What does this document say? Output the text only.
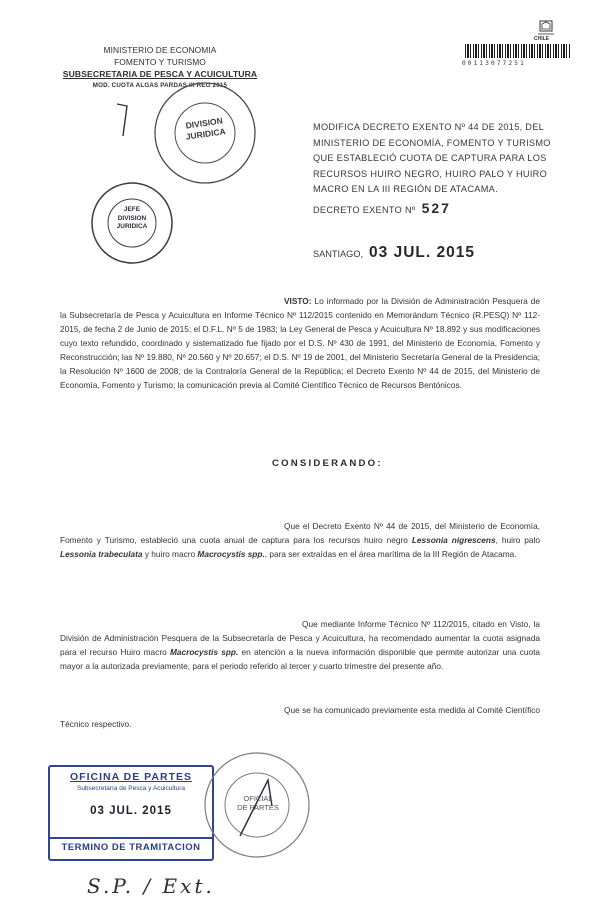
MINISTERIO DE ECONOMIA
FOMENTO Y TURISMO
SUBSECRETARIA DE PESCA Y ACUICULTURA
MOD. CUOTA ALGAS PARDAS III REG 2015
CHILE
00113077251
DIVISION
JURIDICA
JEFE
DIVISION
JURIDICA
MODIFICA DECRETO EXENTO Nº 44 DE 2015, DEL MINISTERIO DE ECONOMÍA, FOMENTO Y TURISMO QUE ESTABLECIÓ CUOTA DE CAPTURA PARA LOS RECURSOS HUIRO NEGRO, HUIRO PALO Y HUIRO MACRO EN LA III REGIÓN DE ATACAMA.
DECRETO EXENTO Nº 527
SANTIAGO, 03 JUL. 2015
VISTO: Lo informado por la División de Administración Pesquera de la Subsecretaría de Pesca y Acuicultura en Informe Técnico Nº 112/2015 contenido en Memorándum Técnico (R.PESQ) Nº 112-2015, de fecha 2 de Junio de 2015; el D.F.L. Nº 5 de 1983; la Ley General de Pesca y Acuicultura Nº 18.892 y sus modificaciones cuyo texto refundido, coordinado y sistematizado fue fijado por el D.S. Nº 430 de 1991, del Ministerio de Economía, Fomento y Reconstrucción; las Nº 19.880, Nº 20.560 y Nº 20.657; el D.S. Nº 19 de 2001, del Ministerio Secretaría General de la Presidencia; la Resolución Nº 1600 de 2008, de la Contraloría General de la República; el Decreto Exento Nº 44 de 2015, del Ministerio de Economía, Fomento y Turismo; la comunicación previa al Comité Científico Técnico de Recursos Bentónicos.
CONSIDERANDO:
Que el Decreto Exento Nº 44 de 2015, del Ministerio de Economía, Fomento y Turismo, estableció una cuota anual de captura para los recursos huiro negro Lessonia nigrescens, huiro palo Lessonia trabeculata y huiro macro Macrocystis spp., para ser extraídas en el área marítima de la III Región de Atacama.
Que mediante Informe Técnico Nº 112/2015, citado en Visto, la División de Administración Pesquera de la Subsecretaría de Pesca y Acuicultura, ha recomendado aumentar la cuota asignada para el recurso Huiro macro Macrocystis spp. en atención a la nueva información disponible que permite autorizar una cuota mayor a la autorizada previamente, para el periodo referido al tercer y cuarto trimestre del presente año.
Que se ha comunicado previamente esta medida al Comité Científico Técnico respectivo.
OFICINA DE PARTES
Subsecretaría de Pesca y Acuicultura
03 JUL. 2015
TERMINO DE TRAMITACION
OFICIAL
DE PARTES
S.P. / Ext.
